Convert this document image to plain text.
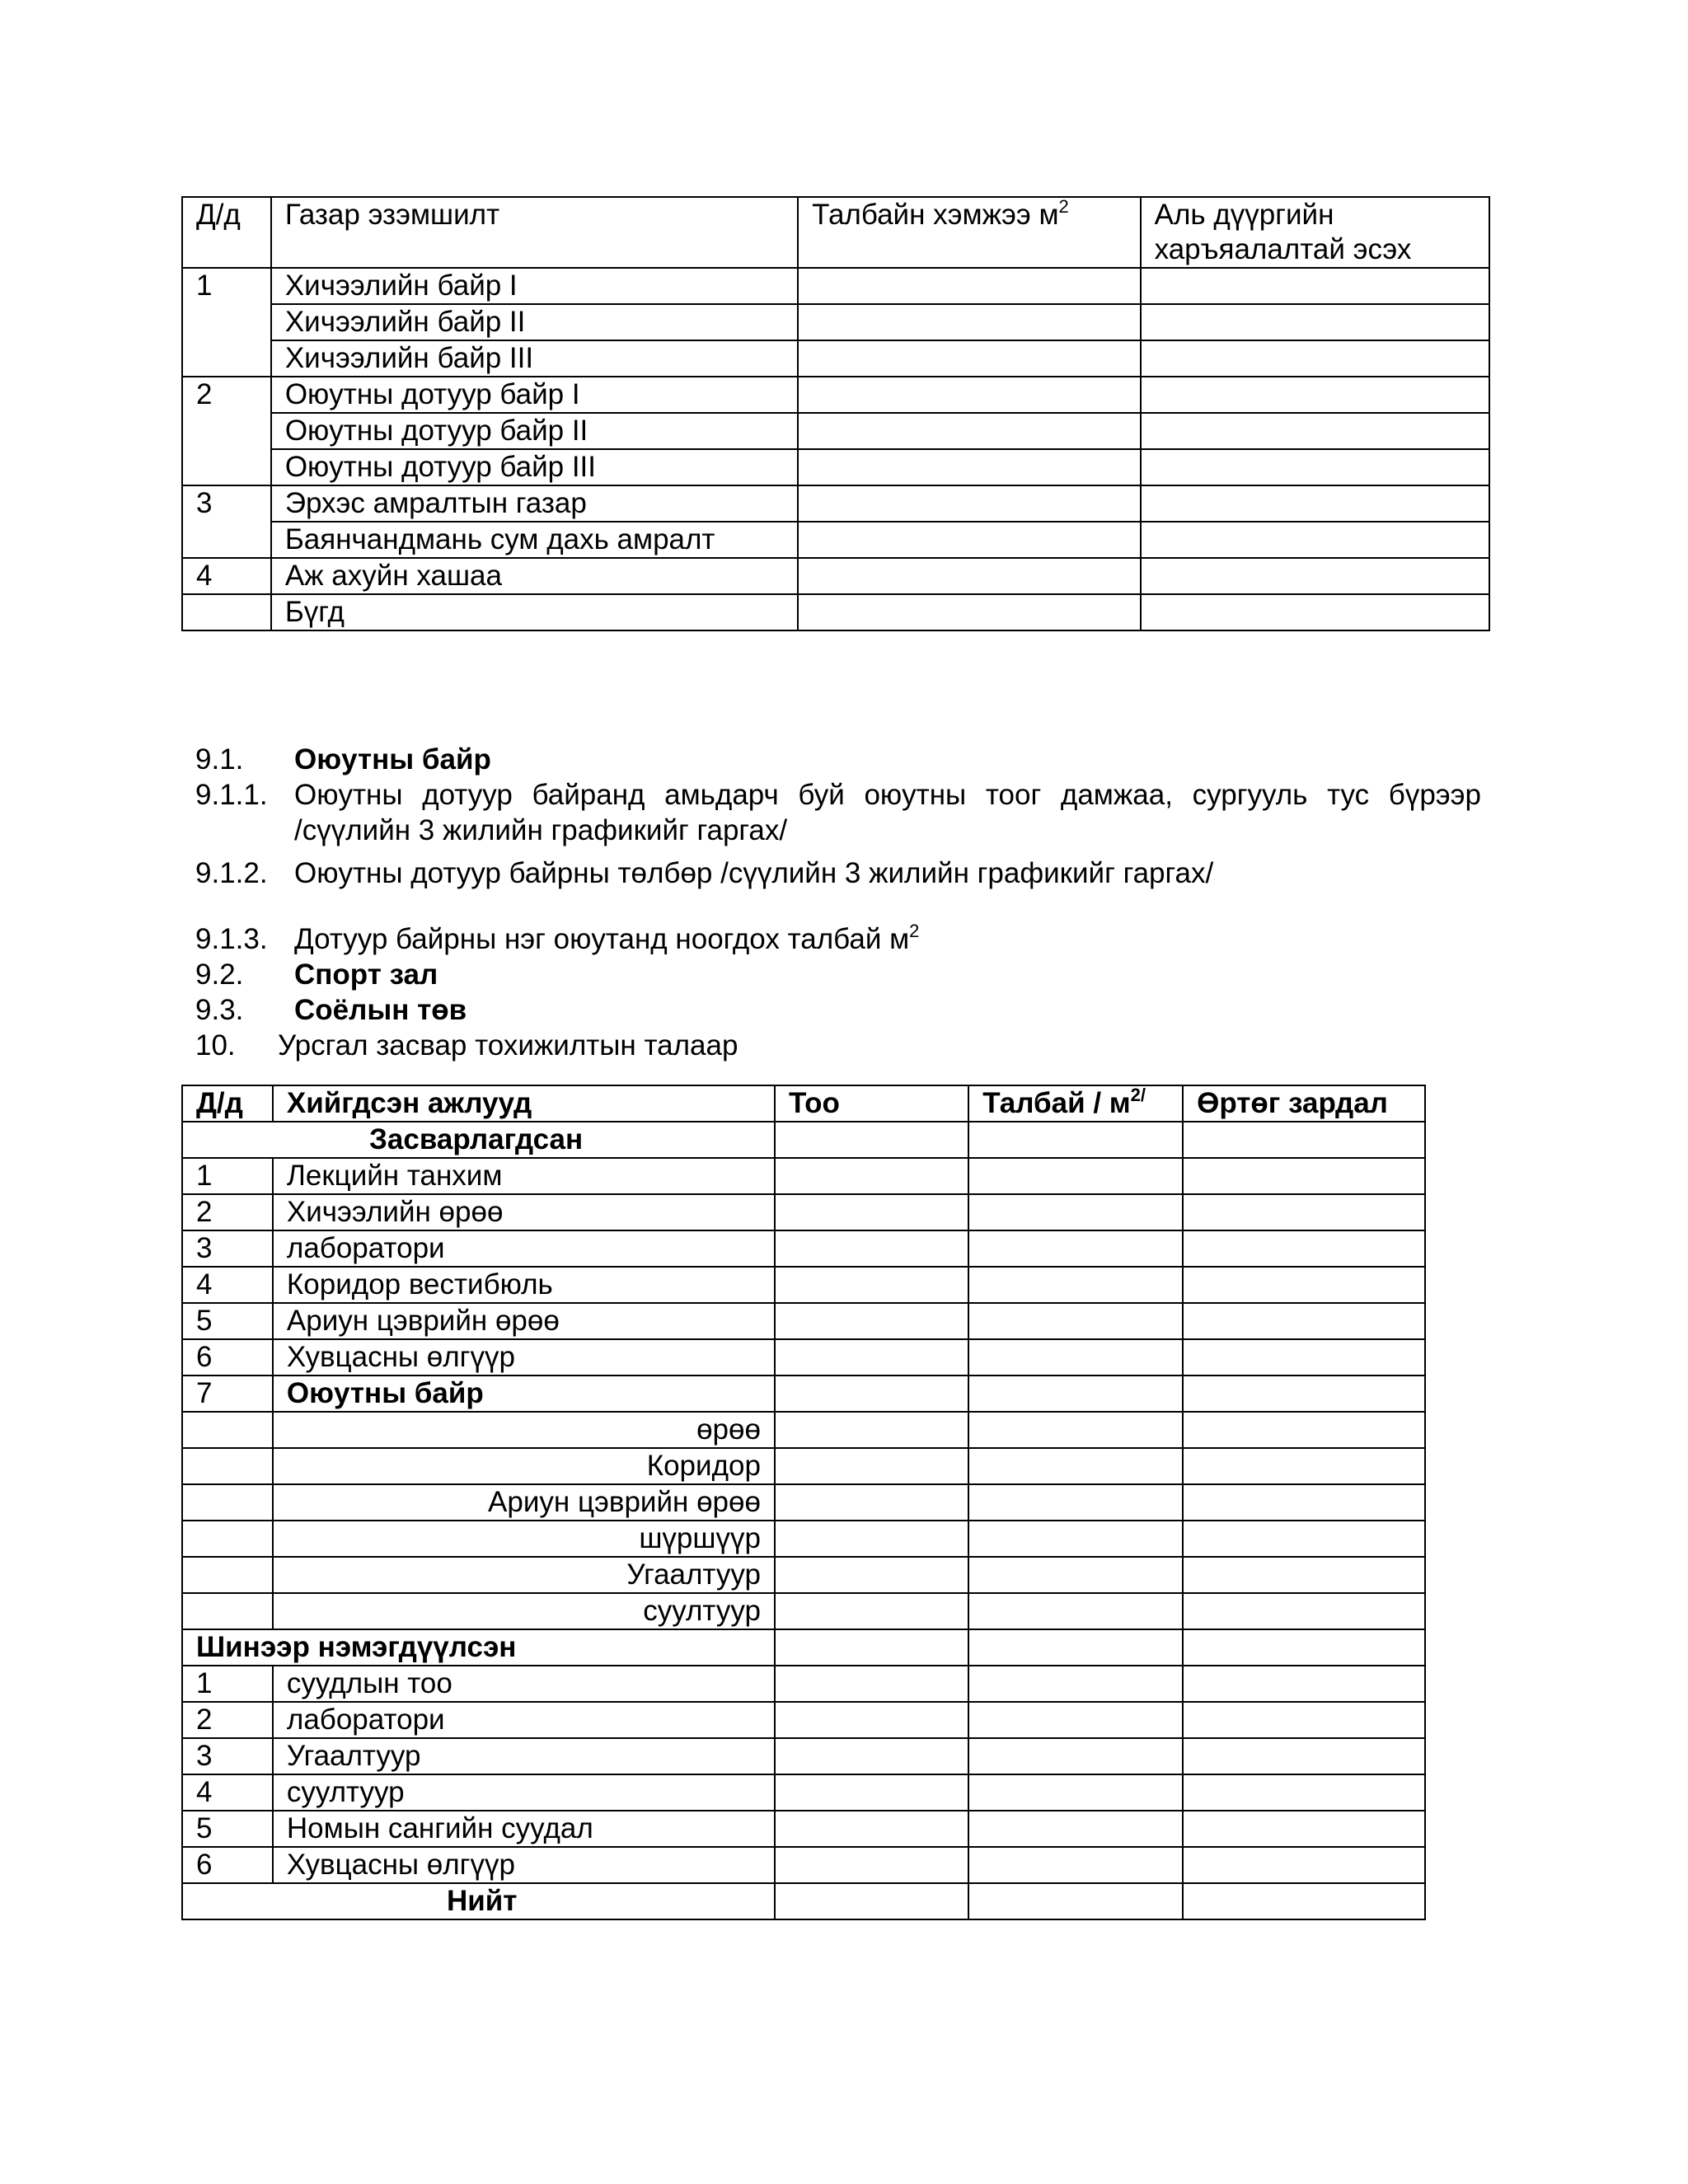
Д/д	Газар эзэмшилт	Талбайн хэмжээ $м^2$	Аль дүүргийн
харъяалалтай эсэх

1	Хичээлийн байр I		
	Хичээлийн байр II		
	Хичээлийн байр III		
2	Оюутны дотуур байр I		
	Оюутны дотуур байр II		
	Оюутны дотуур байр III		
3	Эрхэс амралтын газар		
	Баянчандмань сум дахь амралт		
4	Аж ахуйн хашаа		
	Бүгд		
9.1. Оюутны байр
9.1.1. Оюутны дотуур байранд амьдарч буй оюутны тоог дамжаа, сургууль тус бүрээр
/сүүлийн 3 жилийн графикийг гаргах/
9.1.2. Оюутны дотуур байрны төлбөр /сүүлийн 3 жилийн графикийг гаргах/
9.1.3. Дотуур байрны нэг оюутанд ноогдох талбай $м^2$
9.2. Спорт зал
9.3. Соёлын төв
10. Урсгал засвар тохижилтын талаар
Д/д	Хийгдсэн ажлууд	Тоо	Талбай / $м^{2/}$	Өртөг зардал
Засварлагдсан				
1	Лекцийн танхим			
2	Хичээлийн өрөө			
3	лаборатори			
4	Коридор вестибюль			
5	Ариун цэврийн өрөө			
6	Хувцасны өлгүүр			
7	Оюутны байр			
	өрөө			
	Коридор			
	Ариун цэврийн өрөө			
	шүршүүр			
	Угаалтуур			
	суултуур			
Шинээр нэмэгдүүлсэн				
1	суудлын тоо			
2	лаборатори			
3	Угаалтуур			
4	суултуур			
5	Номын сангийн суудал			
6	Хувцасны өлгүүр			
Нийт				
